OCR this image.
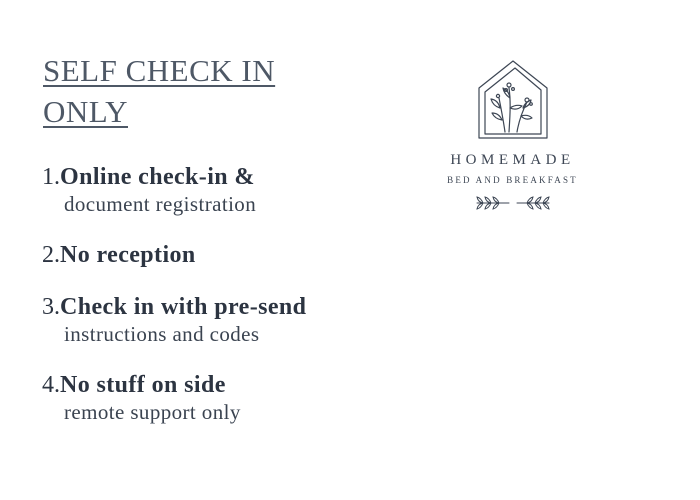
SELF CHECK IN
ONLY
1.Online check-in &
document registration
2.No reception
3.Check in with pre-send
instructions and codes
4.No stuff on side
remote support only
HOMEMADE
BED AND BREAKFAST
